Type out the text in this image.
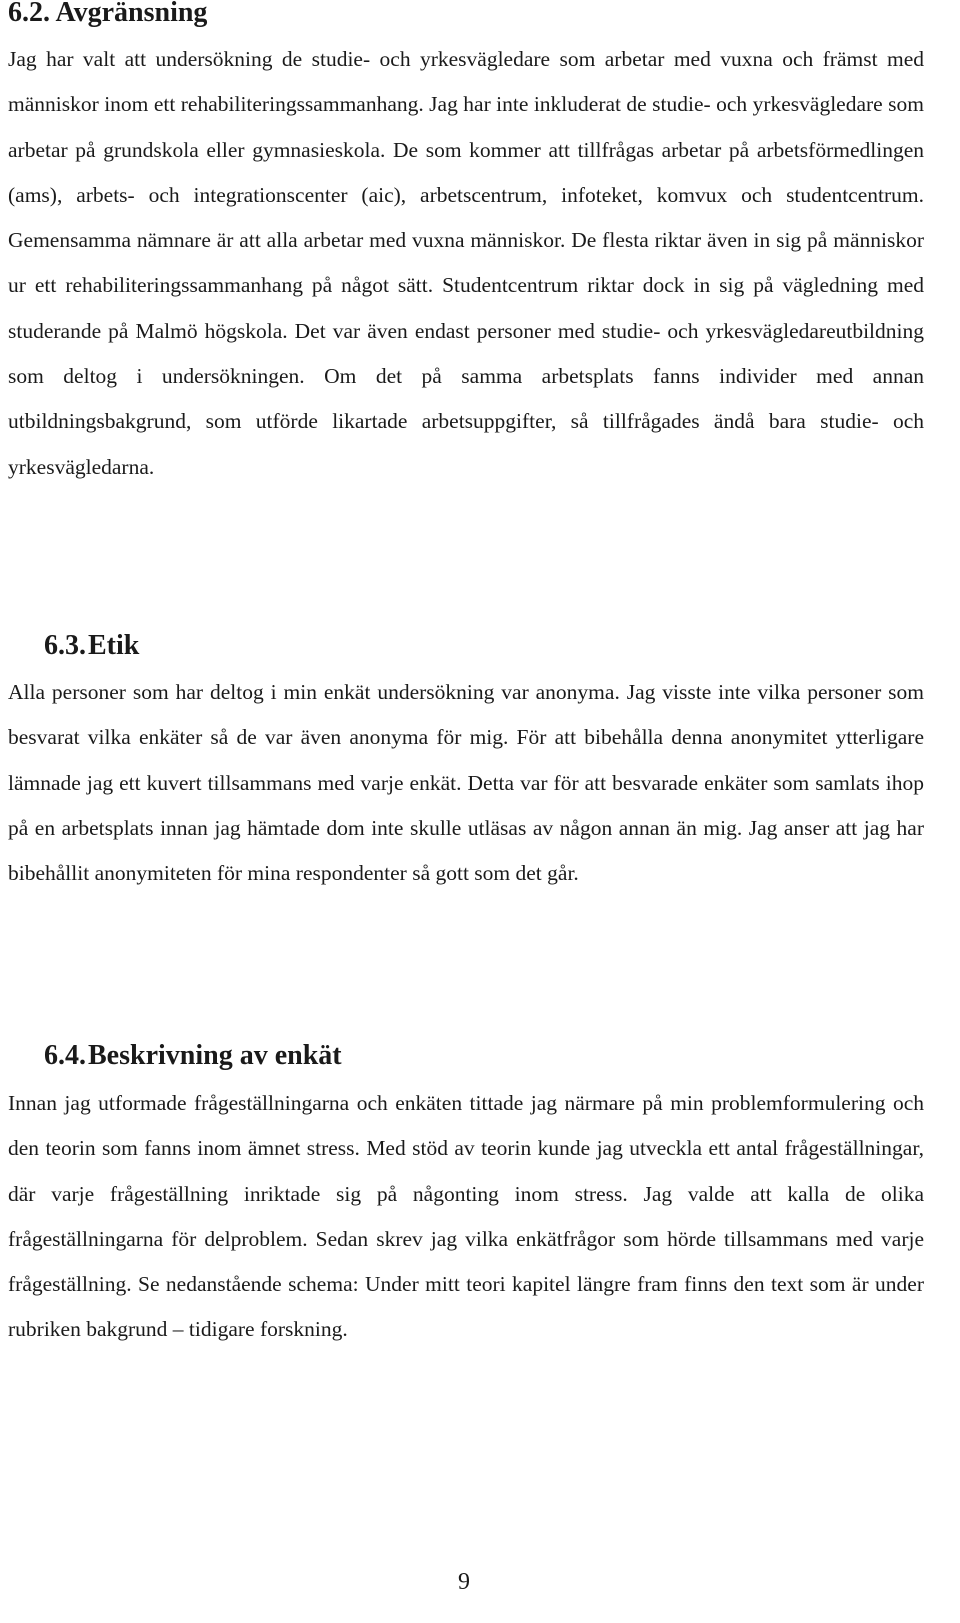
6.2. Avgränsning

Jag har valt att undersökning de studie- och yrkesvägledare som arbetar med vuxna och främst med människor inom ett rehabiliteringssammanhang. Jag har inte inkluderat de studie- och yrkesvägledare som arbetar på grundskola eller gymnasieskola. De som kommer att tillfrågas arbetar på arbetsförmedlingen (ams), arbets- och integrationscenter (aic), arbetscentrum, infoteket, komvux och studentcentrum. Gemensamma nämnare är att alla arbetar med vuxna människor. De flesta riktar även in sig på människor ur ett rehabiliteringssammanhang på något sätt. Studentcentrum riktar dock in sig på vägledning med studerande på Malmö högskola. Det var även endast personer med studie- och yrkesvägledareutbildning som deltog i undersökningen. Om det på samma arbetsplats fanns individer med annan utbildningsbakgrund, som utförde likartade arbetsuppgifter, så tillfrågades ändå bara studie- och yrkesvägledarna.

6.3.Etik

Alla personer som har deltog i min enkät undersökning var anonyma. Jag visste inte vilka personer som besvarat vilka enkäter så de var även anonyma för mig. För att bibehålla denna anonymitet ytterligare lämnade jag ett kuvert tillsammans med varje enkät. Detta var för att besvarade enkäter som samlats ihop på en arbetsplats innan jag hämtade dom inte skulle utläsas av någon annan än mig. Jag anser att jag har bibehållit anonymiteten för mina respondenter så gott som det går.

6.4.Beskrivning av enkät

Innan jag utformade frågeställningarna och enkäten tittade jag närmare på min problemformulering och den teorin som fanns inom ämnet stress. Med stöd av teorin kunde jag utveckla ett antal frågeställningar, där varje frågeställning inriktade sig på någonting inom stress. Jag valde att kalla de olika frågeställningarna för delproblem. Sedan skrev jag vilka enkätfrågor som hörde tillsammans med varje frågeställning. Se nedanstående schema: Under mitt teori kapitel längre fram finns den text som är under rubriken bakgrund – tidigare forskning.

9
